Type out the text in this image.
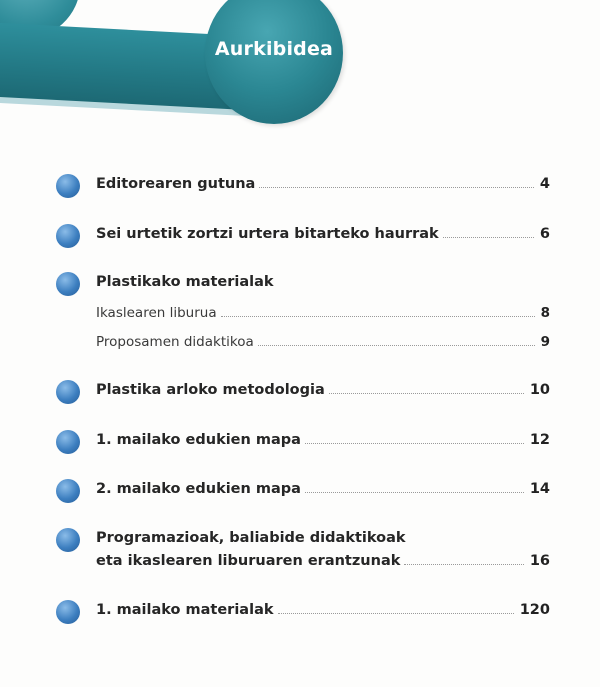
Aurkibidea
Editorearen gutuna	4
Sei urtetik zortzi urtera bitarteko haurrak	6
Plastikako materialak
Ikaslearen liburua	8
Proposamen didaktikoa	9
Plastika arloko metodologia	10
1. mailako edukien mapa	12
2. mailako edukien mapa	14
Programazioak, baliabide didaktikoak
eta ikaslearen liburuaren erantzunak	16
1. mailako materialak	120
